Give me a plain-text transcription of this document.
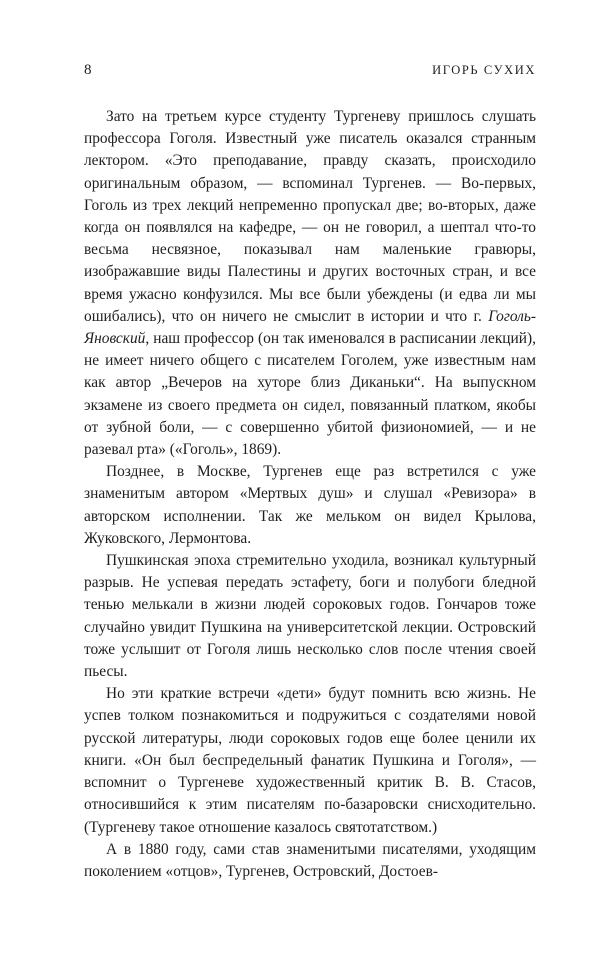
8	ИГОРЬ СУХИХ

Зато на третьем курсе студенту Тургеневу пришлось слушать профессора Гоголя. Известный уже писатель оказался странным лектором. «Это преподавание, правду сказать, происходило оригинальным образом, — вспоминал Тургенев. — Во-первых, Гоголь из трех лекций непременно пропускал две; во-вторых, даже когда он появлялся на кафедре, — он не говорил, а шептал что-то весьма несвязное, показывал нам маленькие гравюры, изображавшие виды Палестины и других восточных стран, и все время ужасно конфузился. Мы все были убеждены (и едва ли мы ошибались), что он ничего не смыслит в истории и что г. Гоголь-Яновский, наш профессор (он так именовался в расписании лекций), не имеет ничего общего с писателем Гоголем, уже известным нам как автор „Вечеров на хуторе близ Диканьки“. На выпускном экзамене из своего предмета он сидел, повязанный платком, якобы от зубной боли, — с совершенно убитой физиономией, — и не разевал рта» («Гоголь», 1869).

Позднее, в Москве, Тургенев еще раз встретился с уже знаменитым автором «Мертвых душ» и слушал «Ревизора» в авторском исполнении. Так же мельком он видел Крылова, Жуковского, Лермонтова.

Пушкинская эпоха стремительно уходила, возникал культурный разрыв. Не успевая передать эстафету, боги и полубоги бледной тенью мелькали в жизни людей сороковых годов. Гончаров тоже случайно увидит Пушкина на университетской лекции. Островский тоже услышит от Гоголя лишь несколько слов после чтения своей пьесы.

Но эти краткие встречи «дети» будут помнить всю жизнь. Не успев толком познакомиться и подружиться с создателями новой русской литературы, люди сороковых годов еще более ценили их книги. «Он был беспредельный фанатик Пушкина и Гоголя», — вспомнит о Тургеневе художественный критик В. В. Стасов, относившийся к этим писателям по-базаровски снисходительно. (Тургеневу такое отношение казалось святотатством.)

А в 1880 году, сами став знаменитыми писателями, уходящим поколением «отцов», Тургенев, Островский, Достоев-
